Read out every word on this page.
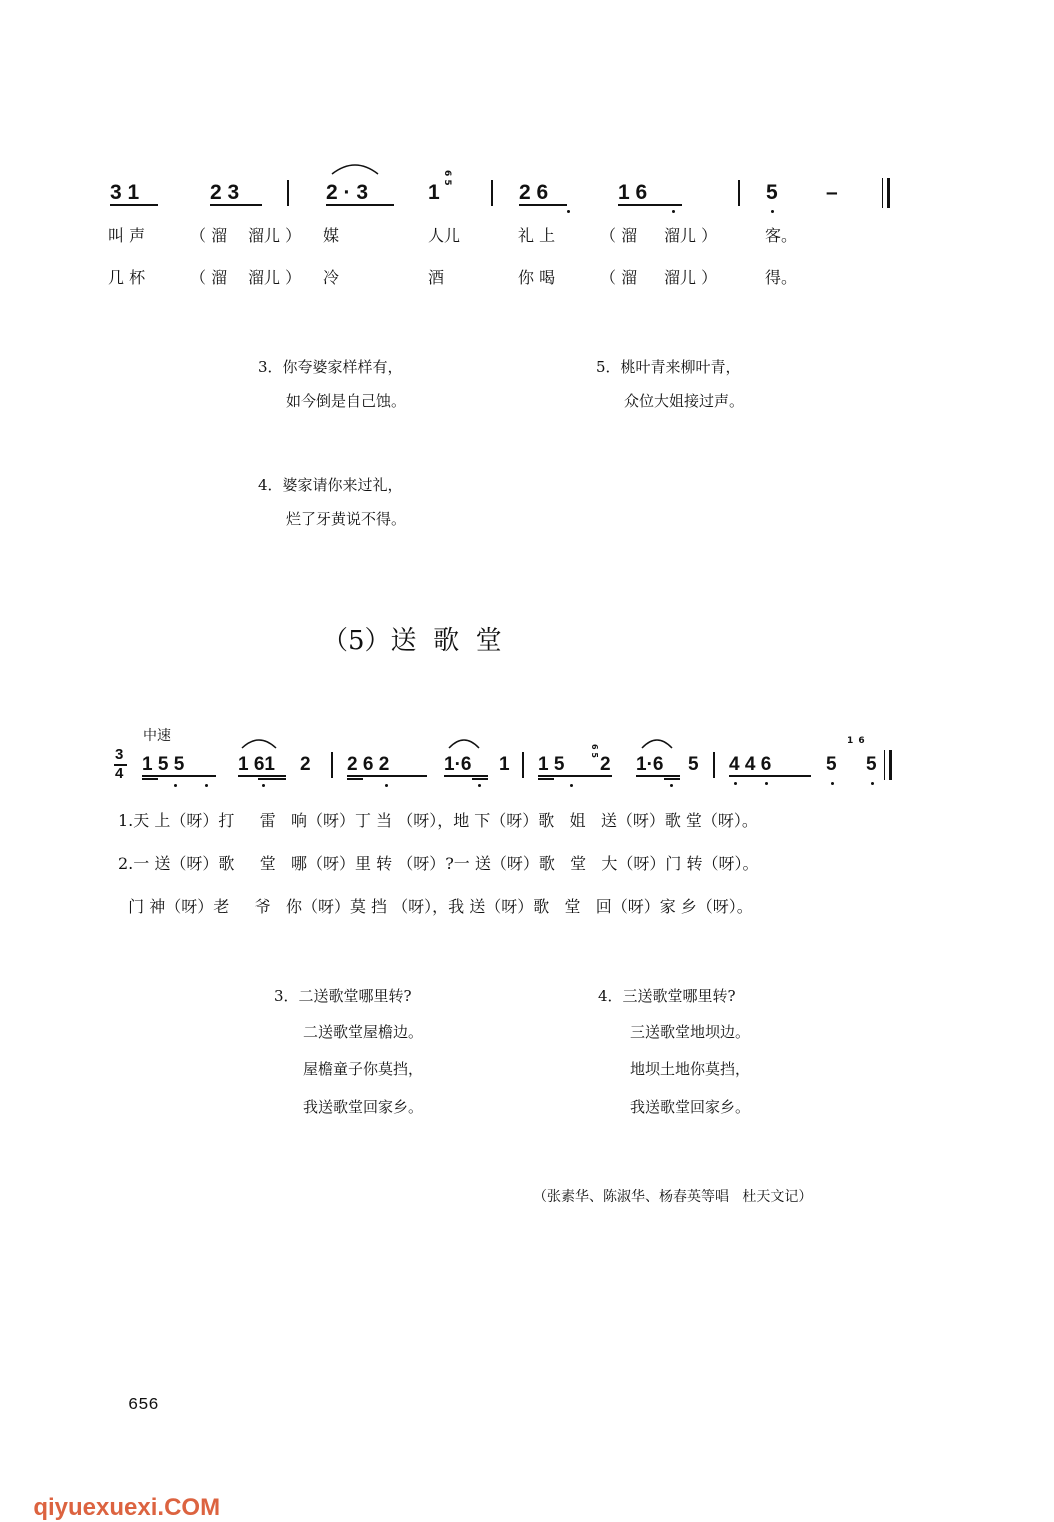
3 1	2 3	2 · 3	1
6 5
2 6	1 6	5 –
叫 声	（ 溜 溜儿 ） 媒	人儿	礼 上	（ 溜 溜儿 ）	客。
几 杯	（ 溜 溜儿 ） 冷	酒	你 喝	（ 溜 溜儿 ）	得。
3．你夸婆家样样有，
如今倒是自己蚀。
5．桃叶青来柳叶青，
众位大姐接过声。
4．婆家请你来过礼，
烂了牙黄说不得。
（5）送  歌  堂
中速
3
4 1 5 5	1 61 2 2 6 2	1·6 1 1 5
6 5
2 1·6 5 4 4 6	5
1 6
5
1.天 上（呀）打     雷   响（呀）丁 当 （呀），地 下（呀）歌   姐   送（呀）歌 堂（呀）。
2.一 送（呀）歌     堂   哪（呀）里 转 （呀）?一 送（呀）歌   堂   大（呀）门 转（呀）。
门 神（呀）老     爷   你（呀）莫 挡 （呀），我 送（呀）歌   堂   回（呀）家 乡（呀）。
3．二送歌堂哪里转?
二送歌堂屋檐边。
屋檐童子你莫挡，
我送歌堂回家乡。
4．三送歌堂哪里转?
三送歌堂地坝边。
地坝土地你莫挡，
我送歌堂回家乡。
（张素华、陈淑华、杨春英等唱   杜天文记）
656

qiyuexuexi.COM
